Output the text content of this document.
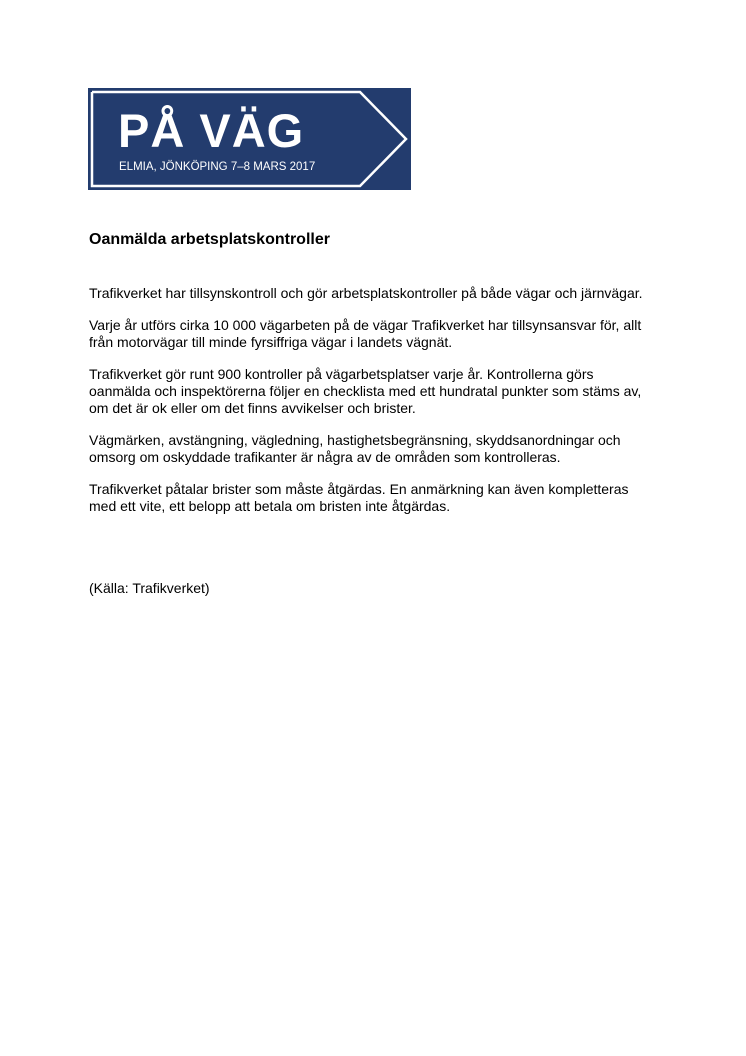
PÅ VÄG
ELMIA, JÖNKÖPING 7–8 MARS 2017
Oanmälda arbetsplatskontroller

Trafikverket har tillsynskontroll och gör arbetsplatskontroller på både vägar och järnvägar.

Varje år utförs cirka 10 000 vägarbeten på de vägar Trafikverket har tillsynsansvar för, allt från motorvägar till minde fyrsiffriga vägar i landets vägnät.

Trafikverket gör runt 900 kontroller på vägarbetsplatser varje år. Kontrollerna görs oanmälda och inspektörerna följer en checklista med ett hundratal punkter som stäms av, om det är ok eller om det finns avvikelser och brister.

Vägmärken, avstängning, vägledning, hastighetsbegränsning, skyddsanordningar och omsorg om oskyddade trafikanter är några av de områden som kontrolleras.

Trafikverket påtalar brister som måste åtgärdas. En anmärkning kan även kompletteras med ett vite, ett belopp att betala om bristen inte åtgärdas.

(Källa: Trafikverket)
